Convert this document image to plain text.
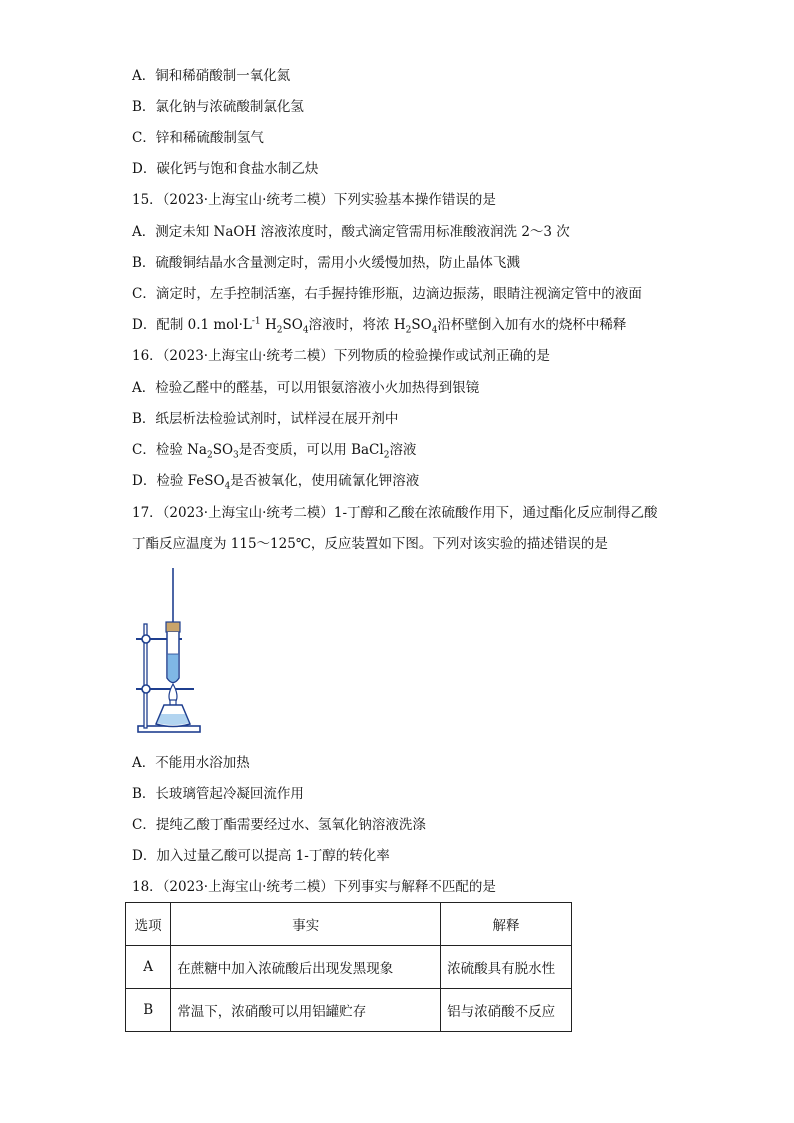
A．铜和稀硝酸制一氧化氮
B．氯化钠与浓硫酸制氯化氢
C．锌和稀硫酸制氢气
D．碳化钙与饱和食盐水制乙炔
15．（2023·上海宝山·统考二模）下列实验基本操作错误的是
A．测定未知 NaOH 溶液浓度时，酸式滴定管需用标准酸液润洗 2～3 次
B．硫酸铜结晶水含量测定时，需用小火缓慢加热，防止晶体飞溅
C．滴定时，左手控制活塞，右手握持锥形瓶，边滴边振荡，眼睛注视滴定管中的液面
D．配制 0.1 $mol\cdot L^{-1}$ $H_2SO_4$溶液时，将浓 $H_2SO_4$沿杯壁倒入加有水的烧杯中稀释
16．（2023·上海宝山·统考二模）下列物质的检验操作或试剂正确的是
A．检验乙醛中的醛基，可以用银氨溶液小火加热得到银镜
B．纸层析法检验试剂时，试样浸在展开剂中
C．检验 $Na_2SO_3$是否变质，可以用 BaCl$_2$溶液
D．检验 FeSO$_4$是否被氧化，使用硫氰化钾溶液
17．（2023·上海宝山·统考二模）1-丁醇和乙酸在浓硫酸作用下，通过酯化反应制得乙酸
丁酯反应温度为 115～125℃，反应装置如下图。下列对该实验的描述错误的是
A．不能用水浴加热
B．长玻璃管起冷凝回流作用
C．提纯乙酸丁酯需要经过水、氢氧化钠溶液洗涤
D．加入过量乙酸可以提高 1-丁醇的转化率
18．（2023·上海宝山·统考二模）下列事实与解释不匹配的是
选项	事实	解释
A	在蔗糖中加入浓硫酸后出现发黑现象	浓硫酸具有脱水性
B	常温下，浓硝酸可以用铝罐贮存	铝与浓硝酸不反应
